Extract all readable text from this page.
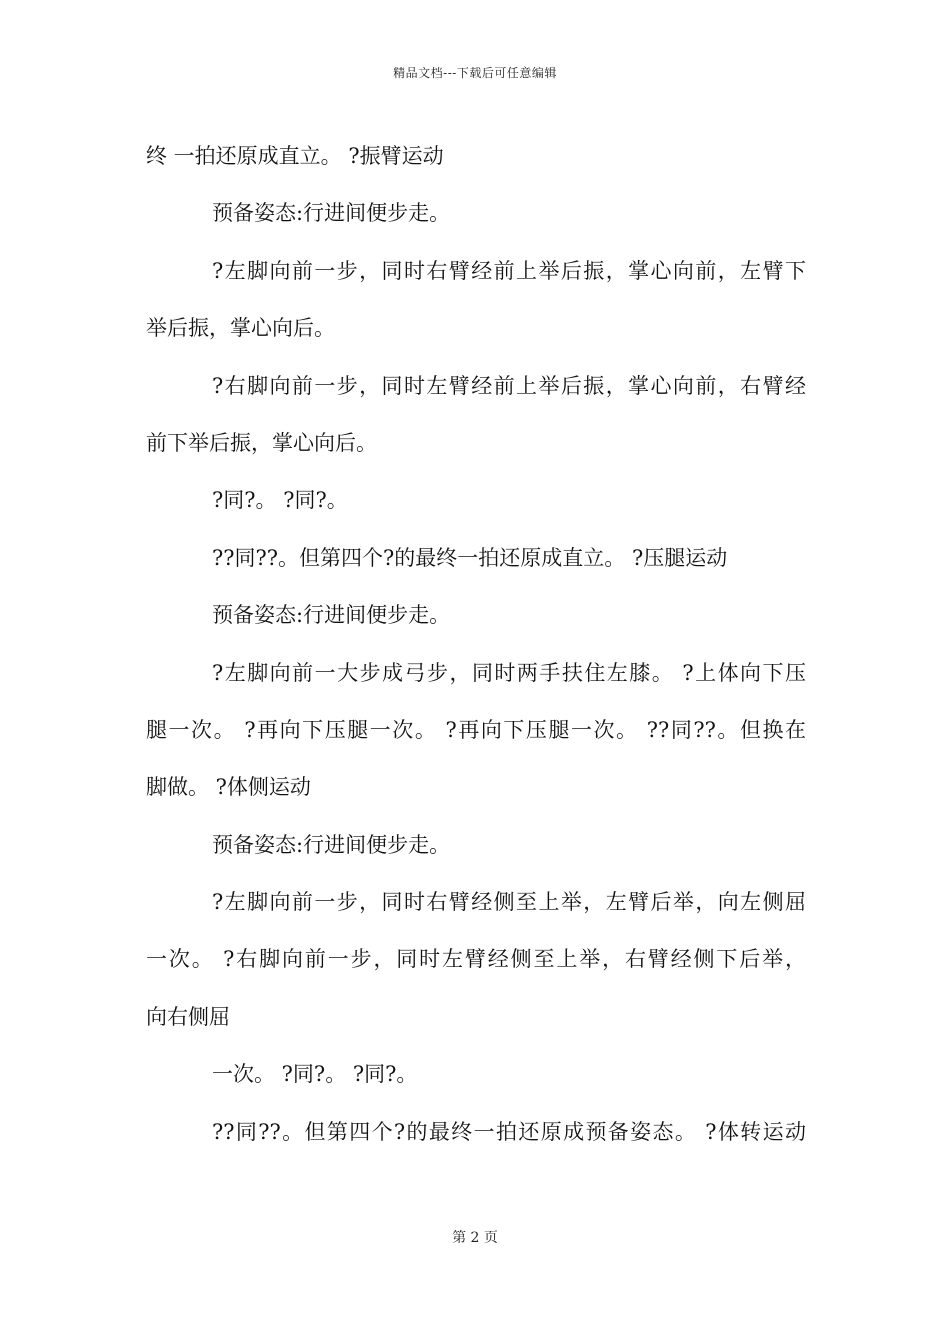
精品文档---下载后可任意编辑
终 一拍还原成直立。 ?振臂运动
预备姿态:行进间便步走。
?左脚向前一步，同时右臂经前上举后振，掌心向前，左臂下
举后振，掌心向后。
?右脚向前一步，同时左臂经前上举后振，掌心向前，右臂经
前下举后振，掌心向后。
?同?。 ?同?。
??同??。但第四个?的最终一拍还原成直立。 ?压腿运动
预备姿态:行进间便步走。
?左脚向前一大步成弓步，同时两手扶住左膝。 ?上体向下压
腿一次。 ?再向下压腿一次。 ?再向下压腿一次。 ??同??。但换在
脚做。 ?体侧运动
预备姿态:行进间便步走。
?左脚向前一步，同时右臂经侧至上举，左臂后举，向左侧屈
一次。 ?右脚向前一步，同时左臂经侧至上举，右臂经侧下后举，
向右侧屈
一次。 ?同?。 ?同?。
??同??。但第四个?的最终一拍还原成预备姿态。 ?体转运动
第 2 页
